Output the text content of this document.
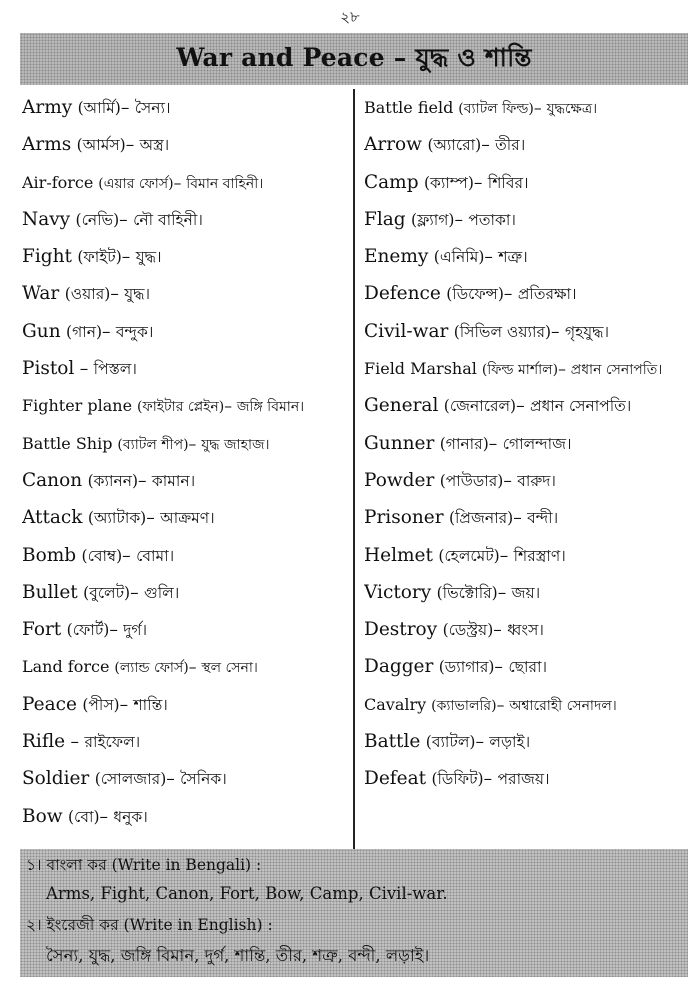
২৮
War and Peace – যুদ্ধ ও শান্তি
Army (আর্মি)– সৈন্য।
Arms (আর্মস)– অস্ত্র।
Air-force (এয়ার ফোর্স)– বিমান বাহিনী।
Navy (নেভি)– নৌ বাহিনী।
Fight (ফাইট)– যুদ্ধ।
War (ওয়ার)– যুদ্ধ।
Gun (গান)– বন্দুক।
Pistol – পিস্তল।
Fighter plane (ফাইটার প্লেইন)– জঙ্গি বিমান।
Battle Ship (ব্যাটল শীপ)– যুদ্ধ জাহাজ।
Canon (ক্যানন)– কামান।
Attack (অ্যাটাক)– আক্রমণ।
Bomb (বোম্ব)– বোমা।
Bullet (বুলেট)– গুলি।
Fort (ফোর্ট)– দুর্গ।
Land force (ল্যান্ড ফোর্স)– স্থল সেনা।
Peace (পীস)– শান্তি।
Rifle – রাইফেল।
Soldier (সোলজার)– সৈনিক।
Bow (বো)– ধনুক।
Battle field (ব্যাটল ফিল্ড)– যুদ্ধক্ষেত্র।
Arrow (অ্যারো)– তীর।
Camp (ক্যাম্প)– শিবির।
Flag (ফ্ল্যাগ)– পতাকা।
Enemy (এনিমি)– শত্রু।
Defence (ডিফেন্স)– প্রতিরক্ষা।
Civil-war (সিভিল ওয়্যার)– গৃহযুদ্ধ।
Field Marshal (ফিল্ড মার্শাল)– প্রধান সেনাপতি।
General (জেনারেল)– প্রধান সেনাপতি।
Gunner (গানার)– গোলন্দাজ।
Powder (পাউডার)– বারুদ।
Prisoner (প্রিজনার)– বন্দী।
Helmet (হেলমেট)– শিরস্ত্রাণ।
Victory (ভিক্টোরি)– জয়।
Destroy (ডেস্ট্রয়)– ধ্বংস।
Dagger (ড্যাগার)– ছোরা।
Cavalry (ক্যাভালরি)– অশ্বারোহী সেনাদল।
Battle (ব্যাটল)– লড়াই।
Defeat (ডিফিট)– পরাজয়।
১। বাংলা কর (Write in Bengali) :
Arms, Fight, Canon, Fort, Bow, Camp, Civil-war.
২। ইংরেজী কর (Write in English) :
সৈন্য, যুদ্ধ, জঙ্গি বিমান, দুর্গ, শান্তি, তীর, শত্রু, বন্দী, লড়াই।
